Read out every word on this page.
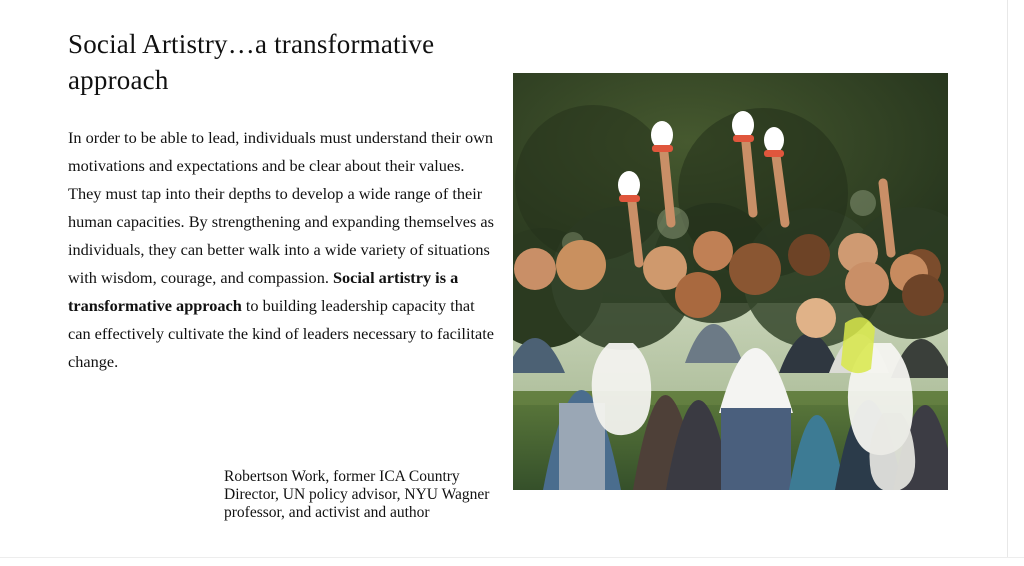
Social Artistry…a transformative approach

In order to be able to lead, individuals must understand their own motivations and expectations and be clear about their values. They must tap into their depths to develop a wide range of their human capacities. By strengthening and expanding themselves as individuals, they can better walk into a wide variety of situations with wisdom, courage, and compassion. Social artistry is a transformative approach to building leadership capacity that can effectively cultivate the kind of leaders necessary to facilitate change.

Robertson Work, former ICA Country Director, UN policy advisor, NYU Wagner professor, and activist and author
